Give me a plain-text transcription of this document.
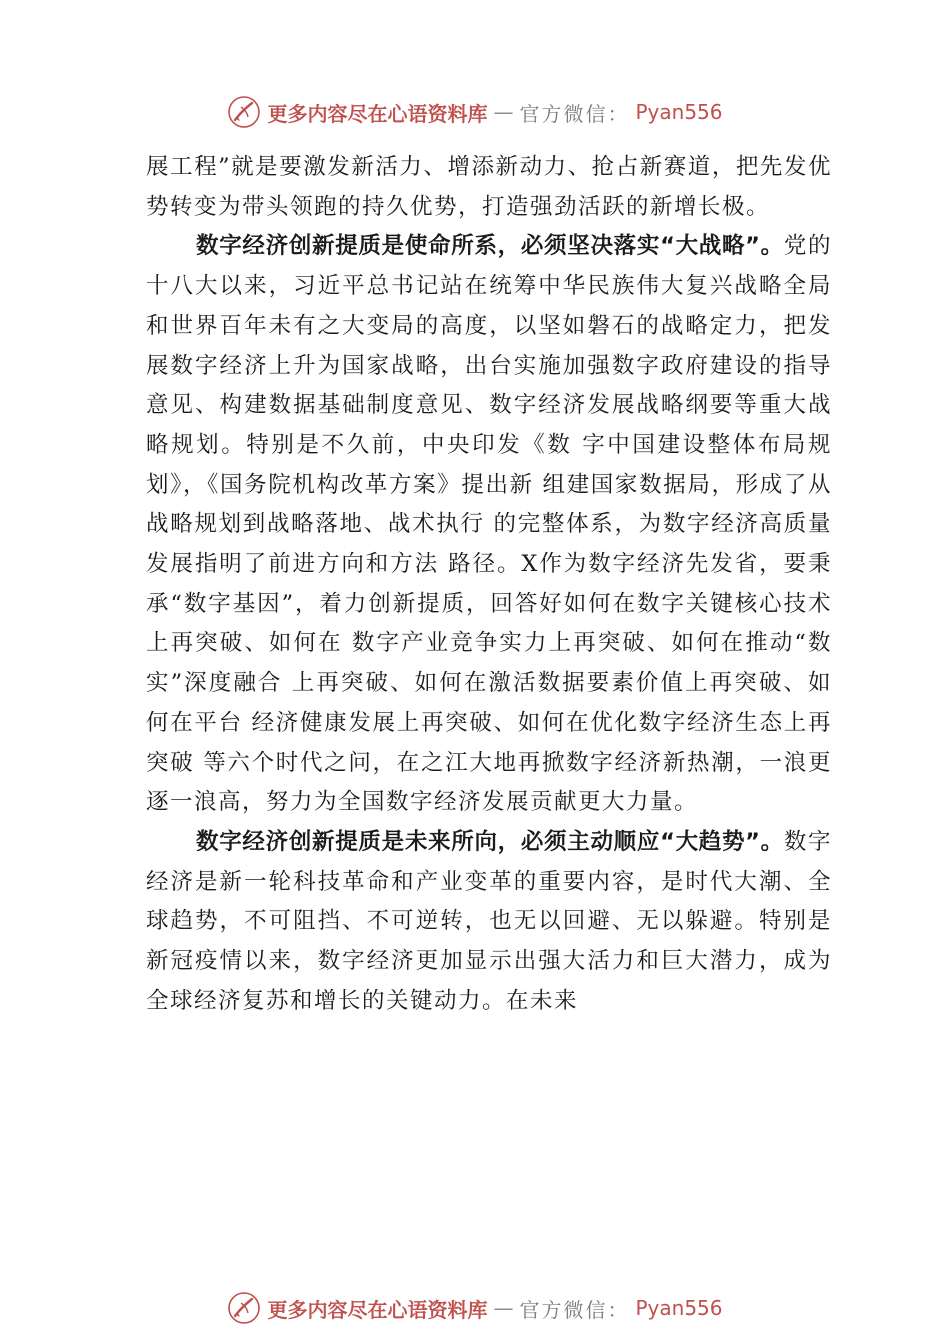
更多内容尽在心语资料库 — 官方微信： Pyan556

展工程”就是要激发新活力、增添新动力、抢占新赛道，把先发优势转变为带头领跑的持久优势，打造强劲活跃的新增长极。

数字经济创新提质是使命所系，必须坚决落实“大战略”。党的十八大以来，习近平总书记站在统筹中华民族伟大复兴战略全局和世界百年未有之大变局的高度，以坚如磐石的战略定力，把发展数字经济上升为国家战略，出台实施加强数字政府建设的指导意见、构建数据基础制度意见、数字经济发展战略纲要等重大战略规划。特别是不久前，中央印发《数 字中国建设整体布局规划》，《国务院机构改革方案》提出新 组建国家数据局，形成了从战略规划到战略落地、战术执行 的完整体系，为数字经济高质量发展指明了前进方向和方法 路径。X作为数字经济先发省，要秉承“数字基因”，着力创新提质，回答好如何在数字关键核心技术上再突破、如何在 数字产业竞争实力上再突破、如何在推动“数实”深度融合 上再突破、如何在激活数据要素价值上再突破、如何在平台 经济健康发展上再突破、如何在优化数字经济生态上再突破 等六个时代之问，在之江大地再掀数字经济新热潮，一浪更 逐一浪高，努力为全国数字经济发展贡献更大力量。

数字经济创新提质是未来所向，必须主动顺应“大趋势”。数字经济是新一轮科技革命和产业变革的重要内容，是时代大潮、全球趋势，不可阻挡、不可逆转，也无以回避、无以躲避。特别是新冠疫情以来，数字经济更加显示出强大活力和巨大潜力，成为全球经济复苏和增长的关键动力。在未来

更多内容尽在心语资料库 — 官方微信： Pyan556
